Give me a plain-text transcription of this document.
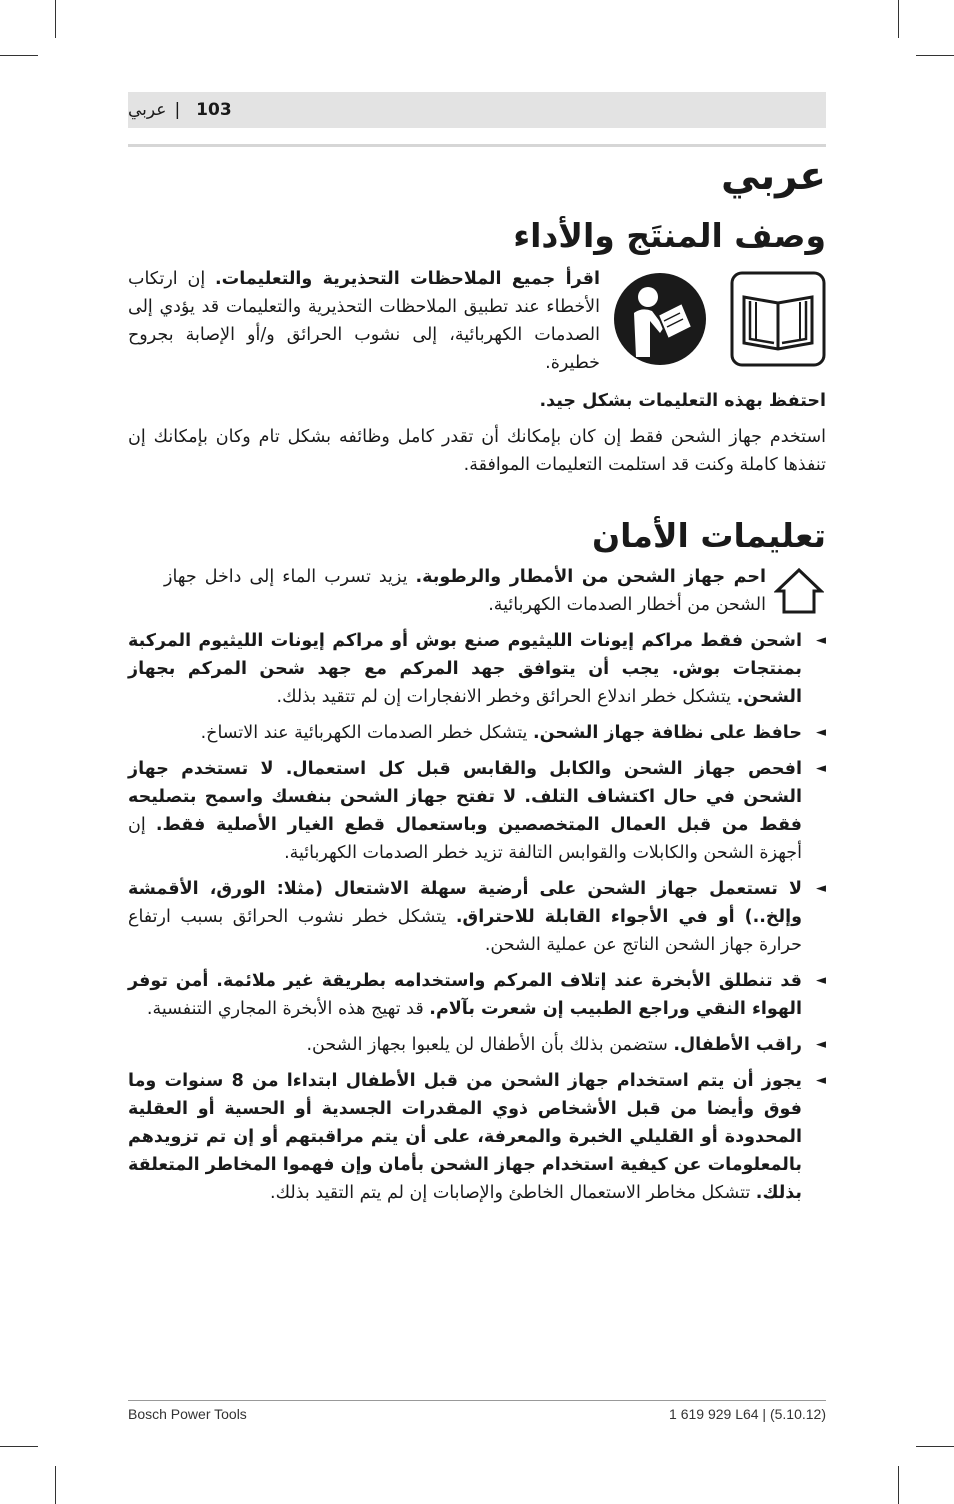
103
|
عربي
عربي
وصف المنتَج والأداء
اقرأ جميع الملاحظات التحذيرية والتعليمات. إن ارتكاب الأخطاء عند تطبيق الملاحظات التحذيرية والتعليمات قد يؤدي إلى الصدمات الكهربائية، إلى نشوب الحرائق و/أو الإصابة بجروح خطيرة.
احتفظ بهذه التعليمات بشكل جيد.
استخدم جهاز الشحن فقط إن كان بإمكانك أن تقدر كامل وظائفه بشكل تام وكان بإمكانك إن تنفذها كاملة وكنت قد استلمت التعليمات الموافقة.
تعليمات الأمان
احم جهاز الشحن من الأمطار والرطوبة. يزيد تسرب الماء إلى داخل جهاز الشحن من أخطار الصدمات الكهربائية.
◄
اشحن فقط مراكم إيونات الليثيوم صنع بوش أو مراكم إيونات الليثيوم المركبة بمنتجات بوش. يجب أن يتوافق جهد المركم مع جهد شحن المركم بجهاز الشحن. يتشكل خطر اندلاع الحرائق وخطر الانفجارات إن لم تتقيد بذلك.
◄
حافظ على نظافة جهاز الشحن. يتشكل خطر الصدمات الكهربائية عند الاتساخ.
◄
افحص جهاز الشحن والكابل والقابس قبل كل استعمال. لا تستخدم جهاز الشحن في حال اكتشاف التلف. لا تفتح جهاز الشحن بنفسك واسمح بتصليحه فقط من قبل العمال المتخصصين وباستعمال قطع الغيار الأصلية فقط. إن أجهزة الشحن والكابلات والقوابس التالفة تزيد خطر الصدمات الكهربائية.
◄
لا تستعمل جهاز الشحن على أرضية سهلة الاشتعال (مثلا: الورق، الأقمشة وإلخ..) أو في الأجواء القابلة للاحتراق. يتشكل خطر نشوب الحرائق بسبب ارتفاع حرارة جهاز الشحن الناتج عن عملية الشحن.
◄
قد تنطلق الأبخرة عند إتلاف المركم واستخدامه بطريقة غير ملائمة. أمن توفر الهواء النقي وراجع الطبيب إن شعرت بآلام. قد تهيج هذه الأبخرة المجاري التنفسية.
◄
راقب الأطفال. ستضمن بذلك بأن الأطفال لن يلعبوا بجهاز الشحن.
◄
يجوز أن يتم استخدام جهاز الشحن من قبل الأطفال ابتداءا من 8 سنوات وما فوق وأيضا من قبل الأشخاص ذوي المقدرات الجسدية أو الحسية أو العقلية المحدودة أو القليلي الخبرة والمعرفة، على أن يتم مراقبتهم أو إن تم تزويدهم بالمعلومات عن كيفية استخدام جهاز الشحن بأمان وإن فهموا المخاطر المتعلقة بذلك. تتشكل مخاطر الاستعمال الخاطئ والإصابات إن لم يتم التقيد بذلك.
Bosch Power Tools	1 619 929 L64 | (5.10.12)
